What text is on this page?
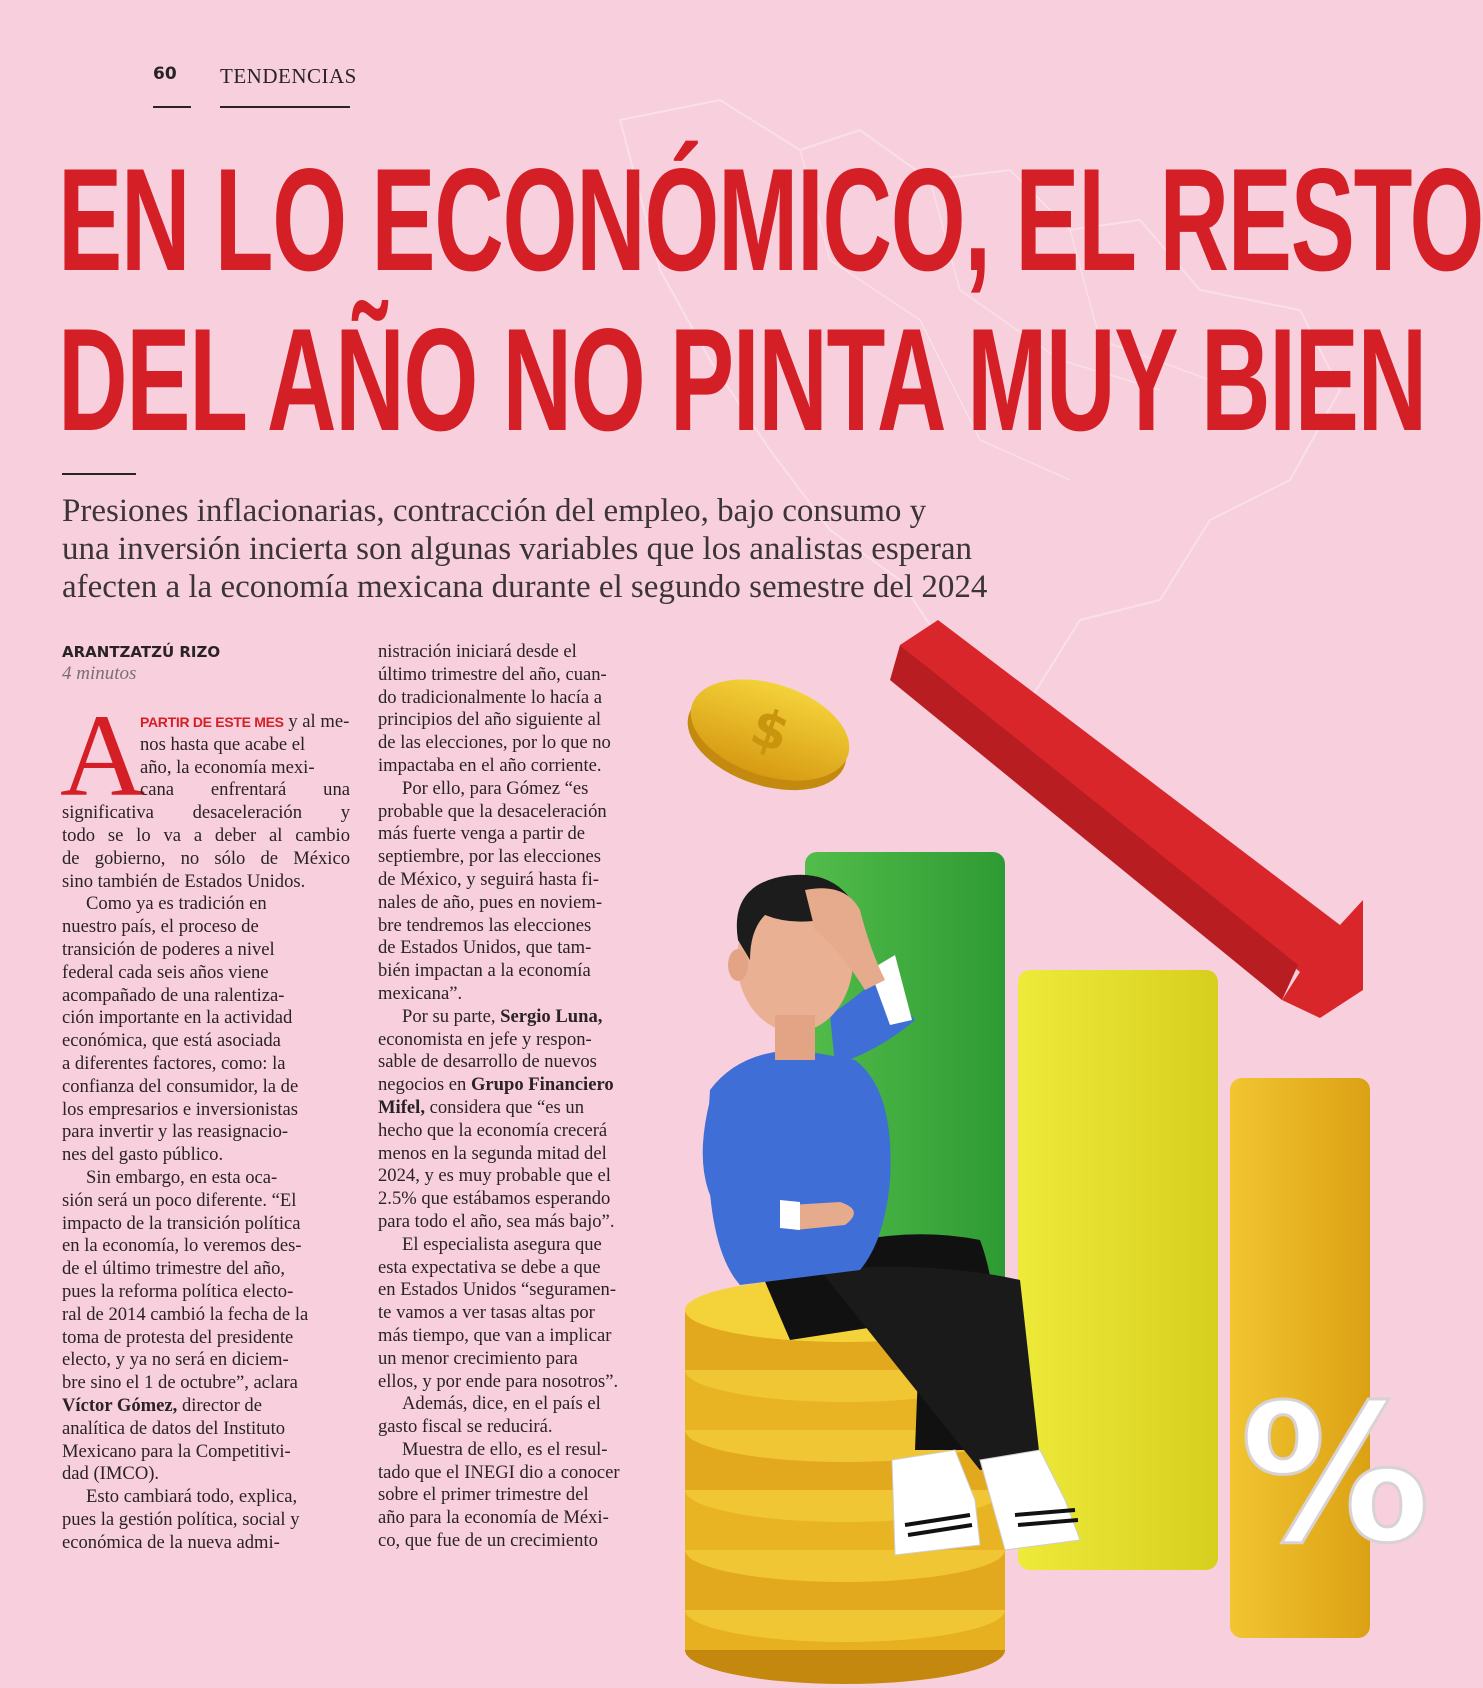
60 TENDENCIAS
EN LO ECONÓMICO, EL RESTO
DEL AÑO NO PINTA MUY BIEN
Presiones inflacionarias, contracción del empleo, bajo consumo y
una inversión incierta son algunas variables que los analistas esperan
afecten a la economía mexicana durante el segundo semestre del 2024
ARANTZATZÚ RIZO
4 minutos
A
PARTIR DE ESTE MES y al me-
nos hasta que acabe el
año, la economía mexi-
cana enfrentará una
significativa desaceleración y
todo se lo va a deber al cambio
de gobierno, no sólo de México
sino también de Estados Unidos.
Como ya es tradición en
nuestro país, el proceso de
transición de poderes a nivel
federal cada seis años viene
acompañado de una ralentiza-
ción importante en la actividad
económica, que está asociada
a diferentes factores, como: la
confianza del consumidor, la de
los empresarios e inversionistas
para invertir y las reasignacio-
nes del gasto público.
Sin embargo, en esta oca-
sión será un poco diferente. “El
impacto de la transición política
en la economía, lo veremos des-
de el último trimestre del año,
pues la reforma política electo-
ral de 2014 cambió la fecha de la
toma de protesta del presidente
electo, y ya no será en diciem-
bre sino el 1 de octubre”, aclara
Víctor Gómez, director de
analítica de datos del Instituto
Mexicano para la Competitivi-
dad (IMCO).
Esto cambiará todo, explica,
pues la gestión política, social y
económica de la nueva admi-
nistración iniciará desde el
último trimestre del año, cuan-
do tradicionalmente lo hacía a
principios del año siguiente al
de las elecciones, por lo que no
impactaba en el año corriente.
Por ello, para Gómez “es
probable que la desaceleración
más fuerte venga a partir de
septiembre, por las elecciones
de México, y seguirá hasta fi-
nales de año, pues en noviem-
bre tendremos las elecciones
de Estados Unidos, que tam-
bién impactan a la economía
mexicana”.
Por su parte, Sergio Luna,
economista en jefe y respon-
sable de desarrollo de nuevos
negocios en Grupo Financiero
Mifel, considera que “es un
hecho que la economía crecerá
menos en la segunda mitad del
2024, y es muy probable que el
2.5% que estábamos esperando
para todo el año, sea más bajo”.
El especialista asegura que
esta expectativa se debe a que
en Estados Unidos “seguramen-
te vamos a ver tasas altas por
más tiempo, que van a implicar
un menor crecimiento para
ellos, y por ende para nosotros”.
Además, dice, en el país el
gasto fiscal se reducirá.
Muestra de ello, es el resul-
tado que el INEGI dio a conocer
sobre el primer trimestre del
año para la economía de Méxi-
co, que fue de un crecimiento	%
$
